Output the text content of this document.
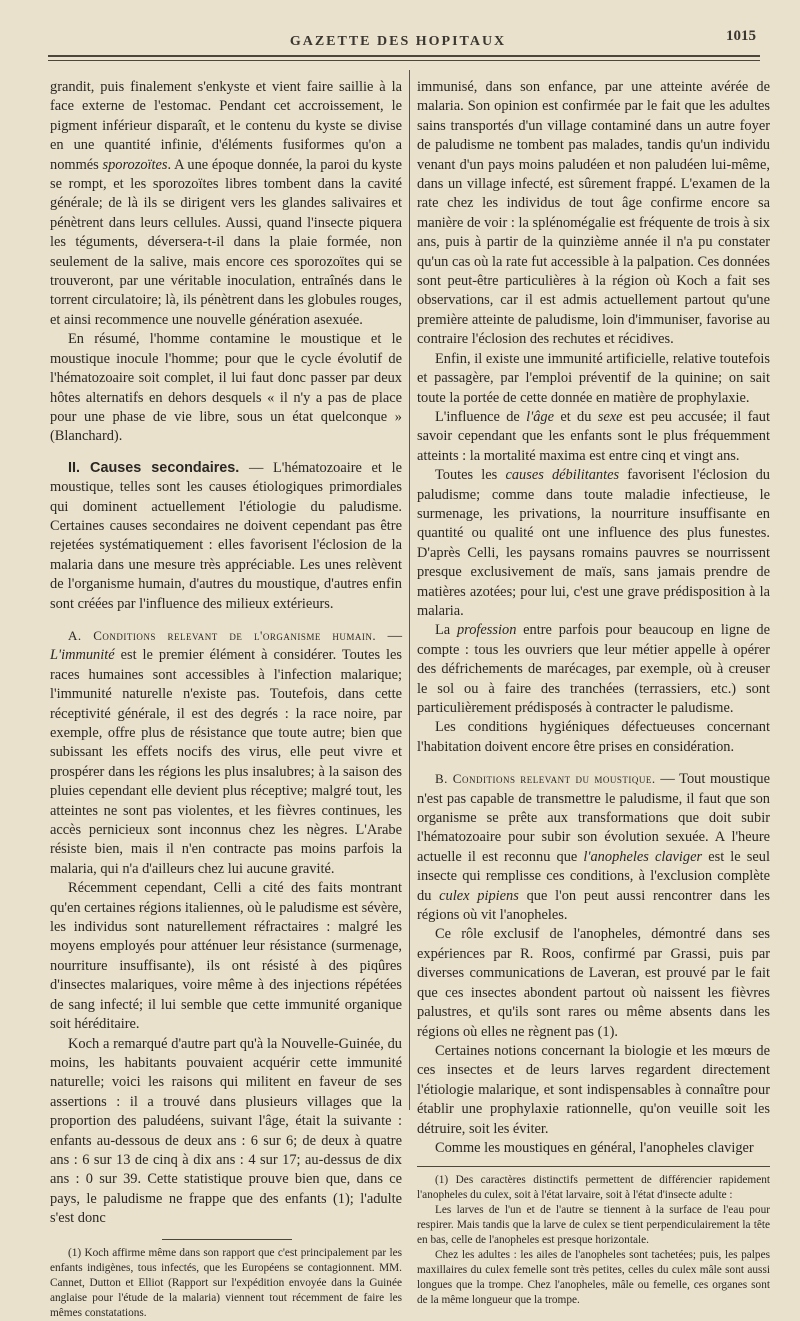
GAZETTE DES HOPITAUX	1015

grandit, puis finalement s'enkyste et vient faire saillie à la face externe de l'estomac. Pendant cet accroissement, le pigment inférieur disparaît, et le contenu du kyste se divise en une quantité infinie, d'éléments fusiformes qu'on a nommés sporozoïtes. A une époque donnée, la paroi du kyste se rompt, et les sporozoïtes libres tombent dans la cavité générale; de là ils se dirigent vers les glandes salivaires et pénètrent dans leurs cellules. Aussi, quand l'insecte piquera les téguments, déversera-t-il dans la plaie formée, non seulement de la salive, mais encore ces sporozoïtes qui se trouveront, par une véritable inoculation, entraînés dans le torrent circulatoire; là, ils pénètrent dans les globules rouges, et ainsi recommence une nouvelle génération asexuée.

En résumé, l'homme contamine le moustique et le moustique inocule l'homme; pour que le cycle évolutif de l'hématozoaire soit complet, il lui faut donc passer par deux hôtes alternatifs en dehors desquels « il n'y a pas de place pour une phase de vie libre, sous un état quelconque » (Blanchard).

II. Causes secondaires. — L'hématozoaire et le moustique, telles sont les causes étiologiques primordiales qui dominent actuellement l'étiologie du paludisme. Certaines causes secondaires ne doivent cependant pas être rejetées systématiquement : elles favorisent l'éclosion de la malaria dans une mesure très appréciable. Les unes relèvent de l'organisme humain, d'autres du moustique, d'autres enfin sont créées par l'influence des milieux extérieurs.

A. Conditions relevant de l'organisme humain. — L'immunité est le premier élément à considérer. Toutes les races humaines sont accessibles à l'infection malarique; l'immunité naturelle n'existe pas. Toutefois, dans cette réceptivité générale, il est des degrés : la race noire, par exemple, offre plus de résistance que toute autre; bien que subissant les effets nocifs des virus, elle peut vivre et prospérer dans les régions les plus insalubres; à la saison des pluies cependant elle devient plus réceptive; malgré tout, les atteintes ne sont pas violentes, et les fièvres continues, les accès pernicieux sont inconnus chez les nègres. L'Arabe résiste bien, mais il n'en contracte pas moins parfois la malaria, qui n'a d'ailleurs chez lui aucune gravité.

Récemment cependant, Celli a cité des faits montrant qu'en certaines régions italiennes, où le paludisme est sévère, les individus sont naturellement réfractaires : malgré les moyens employés pour atténuer leur résistance (surmenage, nourriture insuffisante), ils ont résisté à des piqûres d'insectes malariques, voire même à des injections répétées de sang infecté; il lui semble que cette immunité organique soit héréditaire.

Koch a remarqué d'autre part qu'à la Nouvelle-Guinée, du moins, les habitants pouvaient acquérir cette immunité naturelle; voici les raisons qui militent en faveur de ses assertions : il a trouvé dans plusieurs villages que la proportion des paludéens, suivant l'âge, était la suivante : enfants au-dessous de deux ans : 6 sur 6; de deux à quatre ans : 6 sur 13 de cinq à dix ans : 4 sur 17; au-dessus de dix ans : 0 sur 39. Cette statistique prouve bien que, dans ce pays, le paludisme ne frappe que des enfants (1); l'adulte s'est donc

(1) Koch affirme même dans son rapport que c'est principalement par les enfants indigènes, tous infectés, que les Européens se contagionnent. MM. Cannet, Dutton et Elliot (Rapport sur l'expédition envoyée dans la Guinée anglaise pour l'étude de la malaria) viennent tout récemment de faire les mêmes constatations.

immunisé, dans son enfance, par une atteinte avérée de malaria. Son opinion est confirmée par le fait que les adultes sains transportés d'un village contaminé dans un autre foyer de paludisme ne tombent pas malades, tandis qu'un individu venant d'un pays moins paludéen et non paludéen lui-même, dans un village infecté, est sûrement frappé. L'examen de la rate chez les individus de tout âge confirme encore sa manière de voir : la splénomégalie est fréquente de trois à six ans, puis à partir de la quinzième année il n'a pu constater qu'un cas où la rate fut accessible à la palpation. Ces données sont peut-être particulières à la région où Koch a fait ses observations, car il est admis actuellement partout qu'une première atteinte de paludisme, loin d'immuniser, favorise au contraire l'éclosion des rechutes et récidives.

Enfin, il existe une immunité artificielle, relative toutefois et passagère, par l'emploi préventif de la quinine; on sait toute la portée de cette donnée en matière de prophylaxie.

L'influence de l'âge et du sexe est peu accusée; il faut savoir cependant que les enfants sont le plus fréquemment atteints : la mortalité maxima est entre cinq et vingt ans.

Toutes les causes débilitantes favorisent l'éclosion du paludisme; comme dans toute maladie infectieuse, le surmenage, les privations, la nourriture insuffisante en quantité ou qualité ont une influence des plus funestes. D'après Celli, les paysans romains pauvres se nourrissent presque exclusivement de maïs, sans jamais prendre de matières azotées; pour lui, c'est une grave prédisposition à la malaria.

La profession entre parfois pour beaucoup en ligne de compte : tous les ouvriers que leur métier appelle à opérer des défrichements de marécages, par exemple, où à creuser le sol ou à faire des tranchées (terrassiers, etc.) sont particulièrement prédisposés à contracter le paludisme.

Les conditions hygiéniques défectueuses concernant l'habitation doivent encore être prises en considération.

B. Conditions relevant du moustique. — Tout moustique n'est pas capable de transmettre le paludisme, il faut que son organisme se prête aux transformations que doit subir l'hématozoaire pour subir son évolution sexuée. A l'heure actuelle il est reconnu que l'anopheles claviger est le seul insecte qui remplisse ces conditions, à l'exclusion complète du culex pipiens que l'on peut aussi rencontrer dans les régions où vit l'anopheles.

Ce rôle exclusif de l'anopheles, démontré dans ses expériences par R. Roos, confirmé par Grassi, puis par diverses communications de Laveran, est prouvé par le fait que ces insectes abondent partout où naissent les fièvres palustres, et qu'ils sont rares ou même absents dans les régions où elles ne règnent pas (1).

Certaines notions concernant la biologie et les mœurs de ces insectes et de leurs larves regardent directement l'étiologie malarique, et sont indispensables à connaître pour établir une prophylaxie rationnelle, qu'on veuille soit les détruire, soit les éviter.

Comme les moustiques en général, l'anopheles claviger

(1) Des caractères distinctifs permettent de différencier rapidement l'anopheles du culex, soit à l'état larvaire, soit à l'état d'insecte adulte :

Les larves de l'un et de l'autre se tiennent à la surface de l'eau pour respirer. Mais tandis que la larve de culex se tient perpendiculairement la tête en bas, celle de l'anopheles est presque horizontale.

Chez les adultes : les ailes de l'anopheles sont tachetées; puis, les palpes maxillaires du culex femelle sont très petites, celles du culex mâle sont aussi longues que la trompe. Chez l'anopheles, mâle ou femelle, ces organes sont de la même longueur que la trompe.
